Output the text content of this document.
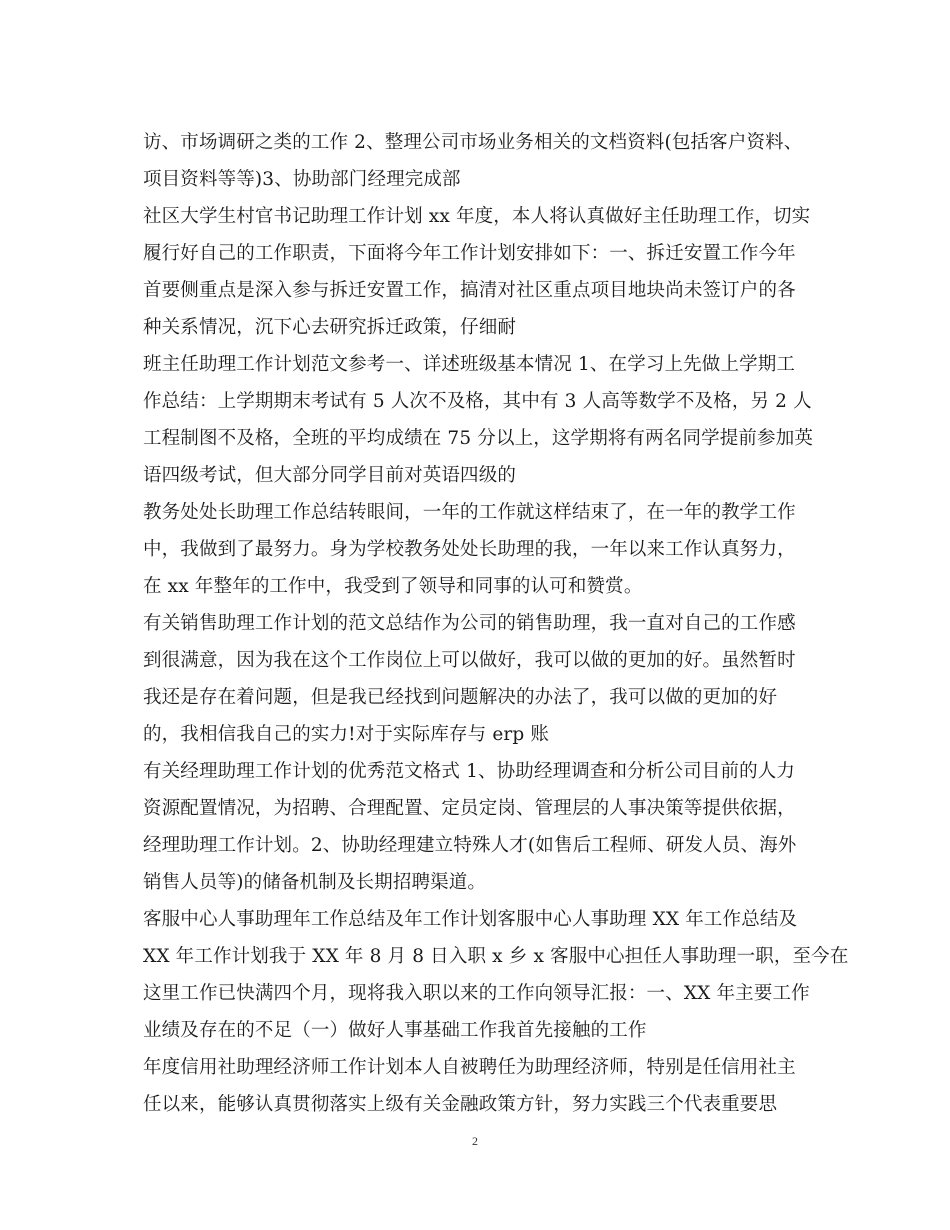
访、市场调研之类的工作 2、整理公司市场业务相关的文档资料(包括客户资料、
项目资料等等)3、协助部门经理完成部
社区大学生村官书记助理工作计划 xx 年度，本人将认真做好主任助理工作，切实
履行好自己的工作职责，下面将今年工作计划安排如下：一、拆迁安置工作今年
首要侧重点是深入参与拆迁安置工作，搞清对社区重点项目地块尚未签订户的各
种关系情况，沉下心去研究拆迁政策，仔细耐
班主任助理工作计划范文参考一、详述班级基本情况 1、在学习上先做上学期工
作总结：上学期期末考试有 5 人次不及格，其中有 3 人高等数学不及格，另 2 人
工程制图不及格，全班的平均成绩在 75 分以上，这学期将有两名同学提前参加英
语四级考试，但大部分同学目前对英语四级的
教务处处长助理工作总结转眼间，一年的工作就这样结束了，在一年的教学工作
中，我做到了最努力。身为学校教务处处长助理的我，一年以来工作认真努力，
在 xx 年整年的工作中，我受到了领导和同事的认可和赞赏。
有关销售助理工作计划的范文总结作为公司的销售助理，我一直对自己的工作感
到很满意，因为我在这个工作岗位上可以做好，我可以做的更加的好。虽然暂时
我还是存在着问题，但是我已经找到问题解决的办法了，我可以做的更加的好
的，我相信我自己的实力!对于实际库存与 erp 账
有关经理助理工作计划的优秀范文格式 1、协助经理调查和分析公司目前的人力
资源配置情况，为招聘、合理配置、定员定岗、管理层的人事决策等提供依据，
经理助理工作计划。2、协助经理建立特殊人才(如售后工程师、研发人员、海外
销售人员等)的储备机制及长期招聘渠道。
客服中心人事助理年工作总结及年工作计划客服中心人事助理 XX 年工作总结及
XX 年工作计划我于 XX 年 8 月 8 日入职 x 乡 x 客服中心担任人事助理一职，至今在
这里工作已快满四个月，现将我入职以来的工作向领导汇报：一、XX 年主要工作
业绩及存在的不足（一）做好人事基础工作我首先接触的工作
年度信用社助理经济师工作计划本人自被聘任为助理经济师，特别是任信用社主
任以来，能够认真贯彻落实上级有关金融政策方针，努力实践三个代表重要思
2
